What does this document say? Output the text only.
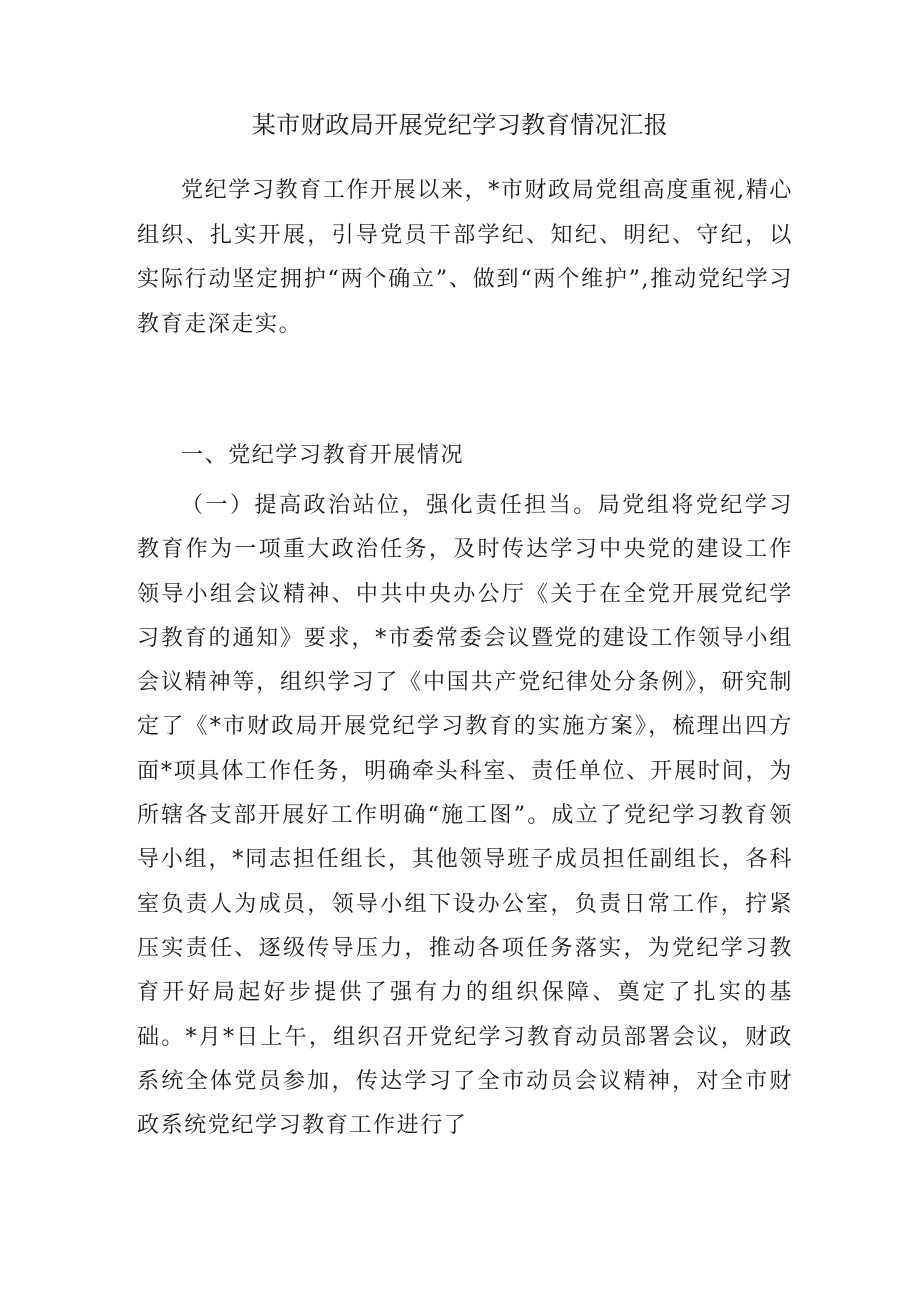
某市财政局开展党纪学习教育情况汇报

党纪学习教育工作开展以来，*市财政局党组高度重视,精心组织、扎实开展，引导党员干部学纪、知纪、明纪、守纪，以实际行动坚定拥护“两个确立”、做到“两个维护”,推动党纪学习教育走深走实。

一、党纪学习教育开展情况

（一）提高政治站位，强化责任担当。局党组将党纪学习教育作为一项重大政治任务，及时传达学习中央党的建设工作领导小组会议精神、中共中央办公厅《关于在全党开展党纪学习教育的通知》要求，*市委常委会议暨党的建设工作领导小组会议精神等，组织学习了《中国共产党纪律处分条例》，研究制定了《*市财政局开展党纪学习教育的实施方案》，梳理出四方面*项具体工作任务，明确牵头科室、责任单位、开展时间，为所辖各支部开展好工作明确“施工图”。成立了党纪学习教育领导小组，*同志担任组长，其他领导班子成员担任副组长，各科室负责人为成员，领导小组下设办公室，负责日常工作，拧紧压实责任、逐级传导压力，推动各项任务落实，为党纪学习教育开好局起好步提供了强有力的组织保障、奠定了扎实的基础。*月*日上午，组织召开党纪学习教育动员部署会议，财政系统全体党员参加，传达学习了全市动员会议精神，对全市财政系统党纪学习教育工作进行了
